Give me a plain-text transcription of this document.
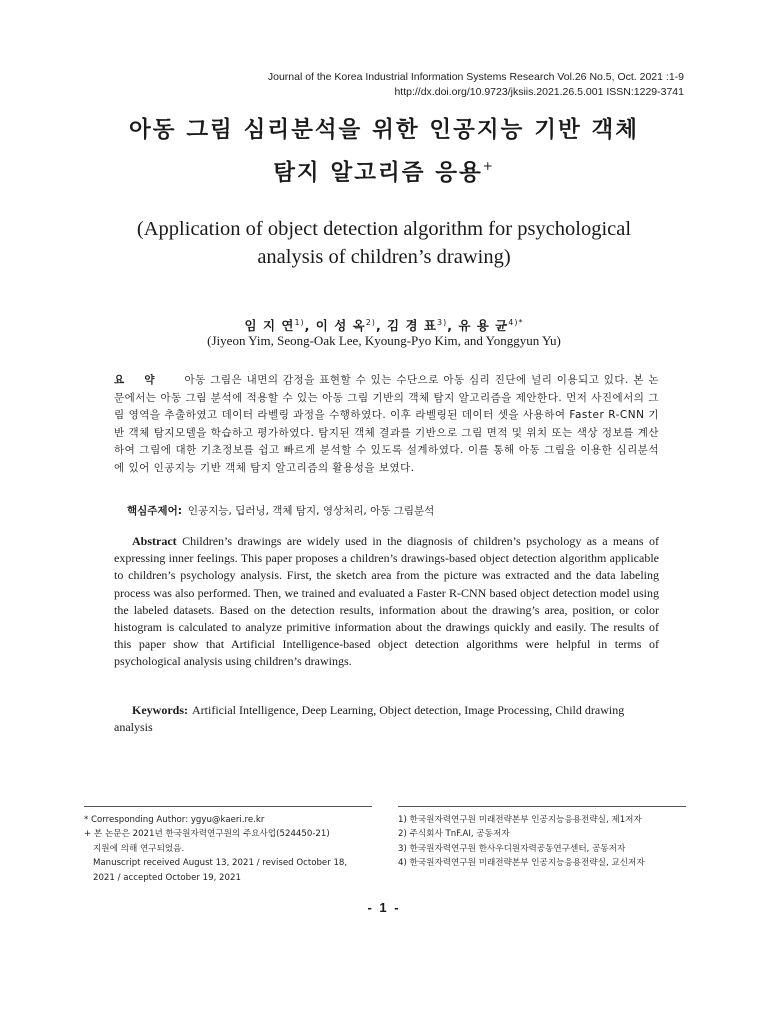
Journal of the Korea Industrial Information Systems Research Vol.26 No.5, Oct. 2021 :1-9
http://dx.doi.org/10.9723/jksiis.2021.26.5.001 ISSN:1229-3741
아동 그림 심리분석을 위한 인공지능 기반 객체
탐지 알고리즘 응용+
(Application of object detection algorithm for psychological
analysis of children’s drawing)
임 지 연$^{1)}$, 이 성 옥$^{2)}$, 김 경 표$^{3)}$, 유 용 균$^{4)*}$
(Jiyeon Yim, Seong-Oak Lee, Kyoung-Pyo Kim, and Yonggyun Yu)
요 약 아동 그림은 내면의 감정을 표현할 수 있는 수단으로 아동 심리 진단에 널리 이용되고 있다. 본 논문에서는 아동 그림 분석에 적용할 수 있는 아동 그림 기반의 객체 탐지 알고리즘을 제안한다. 먼저 사진에서의 그림 영역을 추출하였고 데이터 라벨링 과정을 수행하였다. 이후 라벨링된 데이터 셋을 사용하여 Faster R-CNN 기반 객체 탐지모델을 학습하고 평가하였다. 탐지된 객체 결과를 기반으로 그림 면적 및 위치 또는 색상 정보를 계산하여 그림에 대한 기초정보를 쉽고 빠르게 분석할 수 있도록 설계하였다. 이를 통해 아동 그림을 이용한 심리분석에 있어 인공지능 기반 객체 탐지 알고리즘의 활용성을 보였다.
핵심주제어: 인공지능, 딥러닝, 객체 탐지, 영상처리, 아동 그림분석
Abstract Children’s drawings are widely used in the diagnosis of children’s psychology as a means of expressing inner feelings. This paper proposes a children’s drawings-based object detection algorithm applicable to children’s psychology analysis. First, the sketch area from the picture was extracted and the data labeling process was also performed. Then, we trained and evaluated a Faster R-CNN based object detection model using the labeled datasets. Based on the detection results, information about the drawing’s area, position, or color histogram is calculated to analyze primitive information about the drawings quickly and easily. The results of this paper show that Artificial Intelligence-based object detection algorithms were helpful in terms of psychological analysis using children’s drawings.
Keywords: Artificial Intelligence, Deep Learning, Object detection, Image Processing, Child drawing analysis
* Corresponding Author: ygyu@kaeri.re.kr
+ 본 논문은 2021년 한국원자력연구원의 주요사업(524450-21)
지원에 의해 연구되었음.
Manuscript received August 13, 2021 / revised October 18,
2021 / accepted October 19, 2021
1) 한국원자력연구원 미래전략본부 인공지능응용전략실, 제1저자
2) 주식회사 TnF.AI, 공동저자
3) 한국원자력연구원 한사우디원자력공동연구센터, 공동저자
4) 한국원자력연구원 미래전략본부 인공지능응용전략실, 교신저자
- 1 -
